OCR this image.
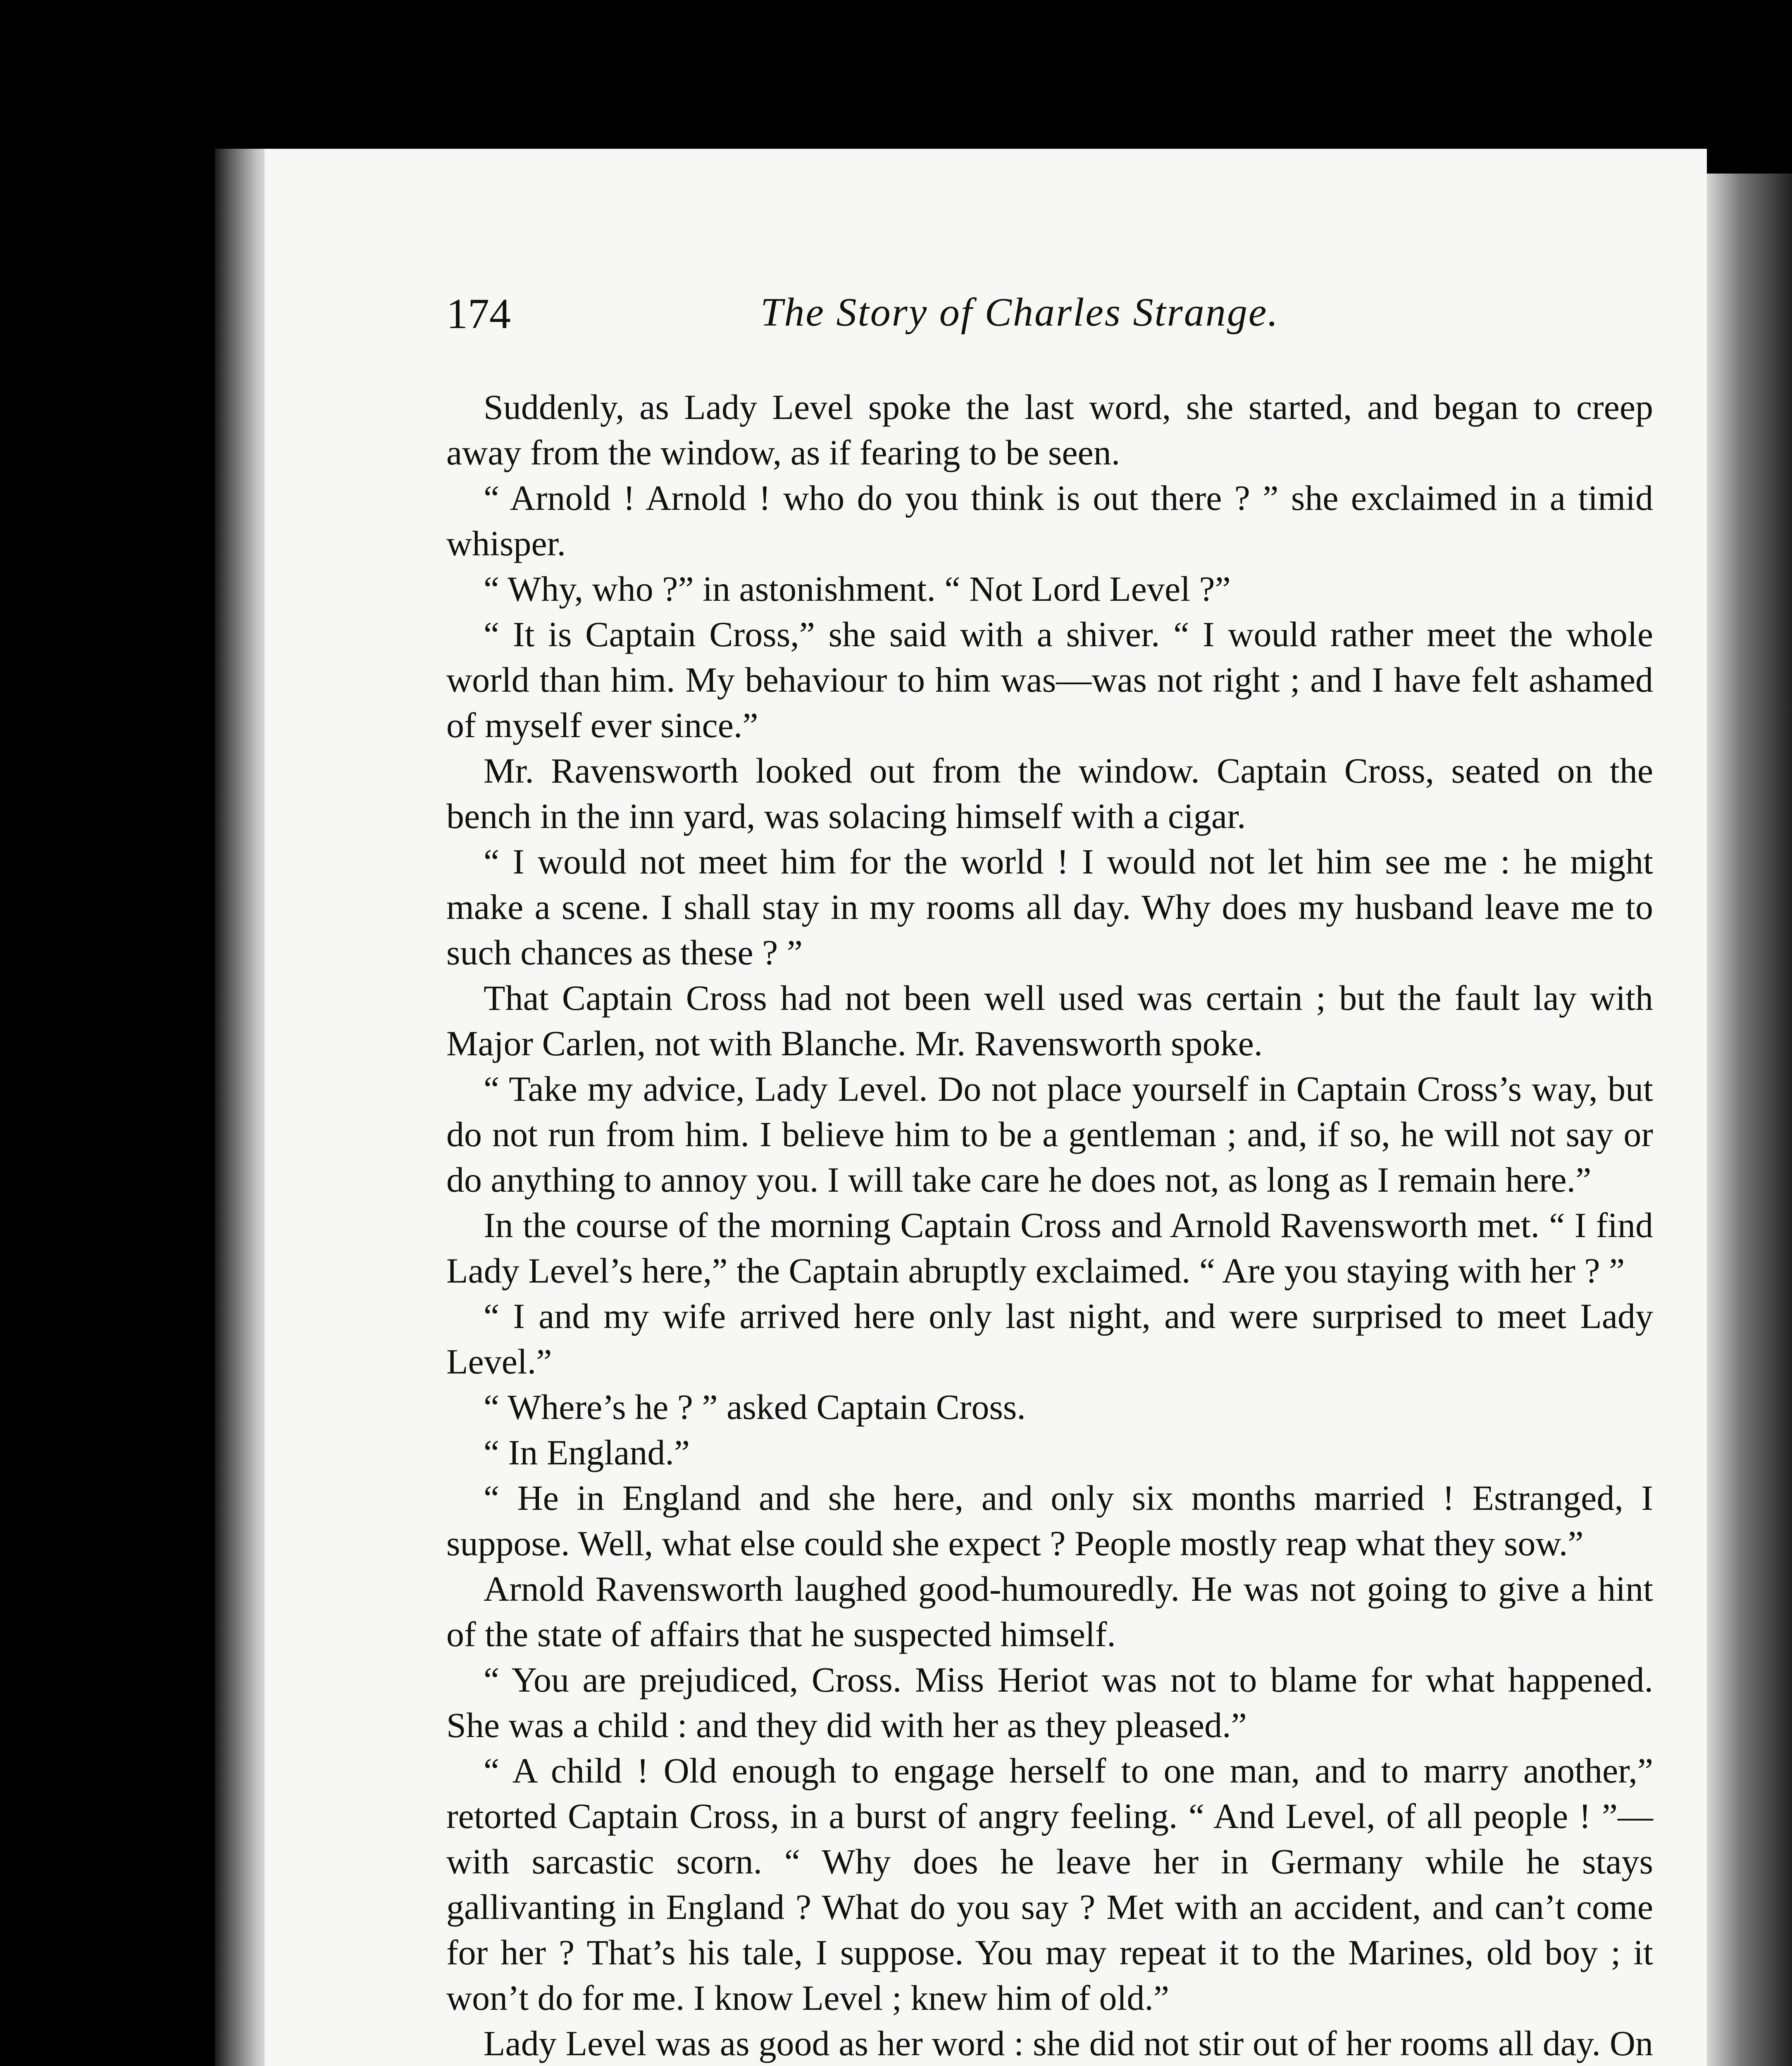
174	The Story of Charles Strange.

Suddenly, as Lady Level spoke the last word, she started, and began to creep away from the window, as if fearing to be seen.

“ Arnold ! Arnold ! who do you think is out there ? ” she exclaimed in a timid whisper.

“ Why, who ?” in astonishment. “ Not Lord Level ?”

“ It is Captain Cross,” she said with a shiver. “ I would rather meet the whole world than him. My behaviour to him was—was not right ; and I have felt ashamed of myself ever since.”

Mr. Ravensworth looked out from the window. Captain Cross, seated on the bench in the inn yard, was solacing himself with a cigar.

“ I would not meet him for the world ! I would not let him see me : he might make a scene. I shall stay in my rooms all day. Why does my husband leave me to such chances as these ? ”

That Captain Cross had not been well used was certain ; but the fault lay with Major Carlen, not with Blanche. Mr. Ravensworth spoke.

“ Take my advice, Lady Level. Do not place yourself in Captain Cross’s way, but do not run from him. I believe him to be a gentleman ; and, if so, he will not say or do anything to annoy you. I will take care he does not, as long as I remain here.”

In the course of the morning Captain Cross and Arnold Ravensworth met. “ I find Lady Level’s here,” the Captain abruptly exclaimed. “ Are you staying with her ? ”

“ I and my wife arrived here only last night, and were surprised to meet Lady Level.”

“ Where’s he ? ” asked Captain Cross.

“ In England.”

“ He in England and she here, and only six months married ! Estranged, I suppose. Well, what else could she expect ? People mostly reap what they sow.”

Arnold Ravensworth laughed good-humouredly. He was not going to give a hint of the state of affairs that he suspected himself.

“ You are prejudiced, Cross. Miss Heriot was not to blame for what happened. She was a child : and they did with her as they pleased.”

“ A child ! Old enough to engage herself to one man, and to marry another,” retorted Captain Cross, in a burst of angry feeling. “ And Level, of all people ! ”—with sarcastic scorn. “ Why does he leave her in Germany while he stays gallivanting in England ? What do you say ? Met with an accident, and can’t come for her ? That’s his tale, I suppose. You may repeat it to the Marines, old boy ; it won’t do for me. I know Level ; knew him of old.”

Lady Level was as good as her word : she did not stir out of her rooms all day. On
